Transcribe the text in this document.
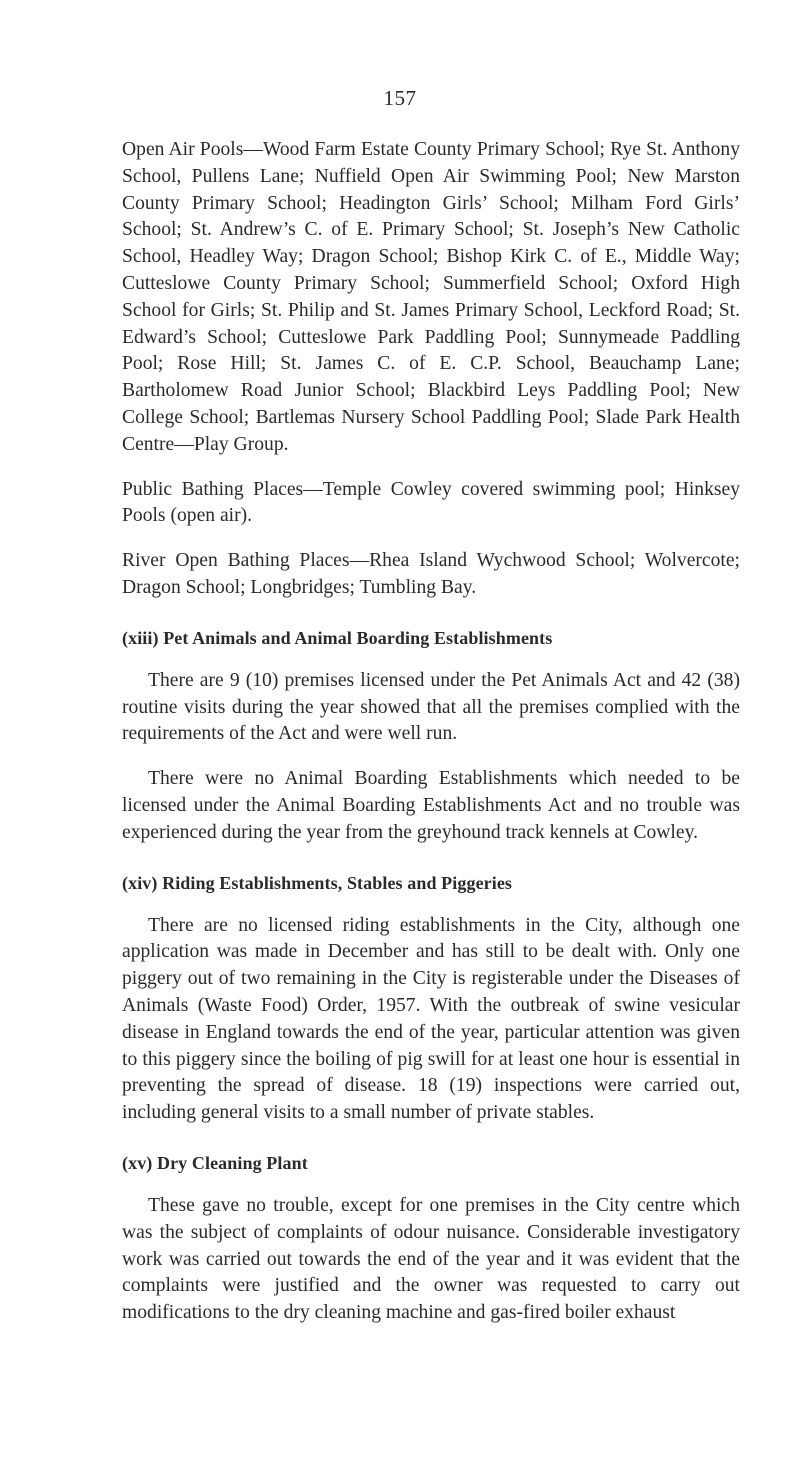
157

Open Air Pools—Wood Farm Estate County Primary School; Rye St. Anthony School, Pullens Lane; Nuffield Open Air Swimming Pool; New Marston County Primary School; Headington Girls’ School; Milham Ford Girls’ School; St. Andrew’s C. of E. Primary School; St. Joseph’s New Catholic School, Headley Way; Dragon School; Bishop Kirk C. of E., Middle Way; Cutteslowe County Primary School; Summerfield School; Oxford High School for Girls; St. Philip and St. James Primary School, Leckford Road; St. Edward’s School; Cutteslowe Park Paddling Pool; Sunnymeade Paddling Pool; Rose Hill; St. James C. of E. C.P. School, Beauchamp Lane; Bartholomew Road Junior School; Blackbird Leys Paddling Pool; New College School; Bartlemas Nursery School Paddling Pool; Slade Park Health Centre—Play Group.

Public Bathing Places—Temple Cowley covered swimming pool; Hinksey Pools (open air).

River Open Bathing Places—Rhea Island Wychwood School; Wolvercote; Dragon School; Longbridges; Tumbling Bay.

(xiii) Pet Animals and Animal Boarding Establishments

There are 9 (10) premises licensed under the Pet Animals Act and 42 (38) routine visits during the year showed that all the premises complied with the requirements of the Act and were well run.

There were no Animal Boarding Establishments which needed to be licensed under the Animal Boarding Establishments Act and no trouble was experienced during the year from the greyhound track kennels at Cowley.

(xiv) Riding Establishments, Stables and Piggeries

There are no licensed riding establishments in the City, although one application was made in December and has still to be dealt with. Only one piggery out of two remaining in the City is registerable under the Diseases of Animals (Waste Food) Order, 1957. With the outbreak of swine vesicular disease in England towards the end of the year, particular attention was given to this piggery since the boiling of pig swill for at least one hour is essential in preventing the spread of disease. 18 (19) inspections were carried out, including general visits to a small number of private stables.

(xv) Dry Cleaning Plant

These gave no trouble, except for one premises in the City centre which was the subject of complaints of odour nuisance. Considerable investigatory work was carried out towards the end of the year and it was evident that the complaints were justified and the owner was requested to carry out modifications to the dry cleaning machine and gas-fired boiler exhaust
